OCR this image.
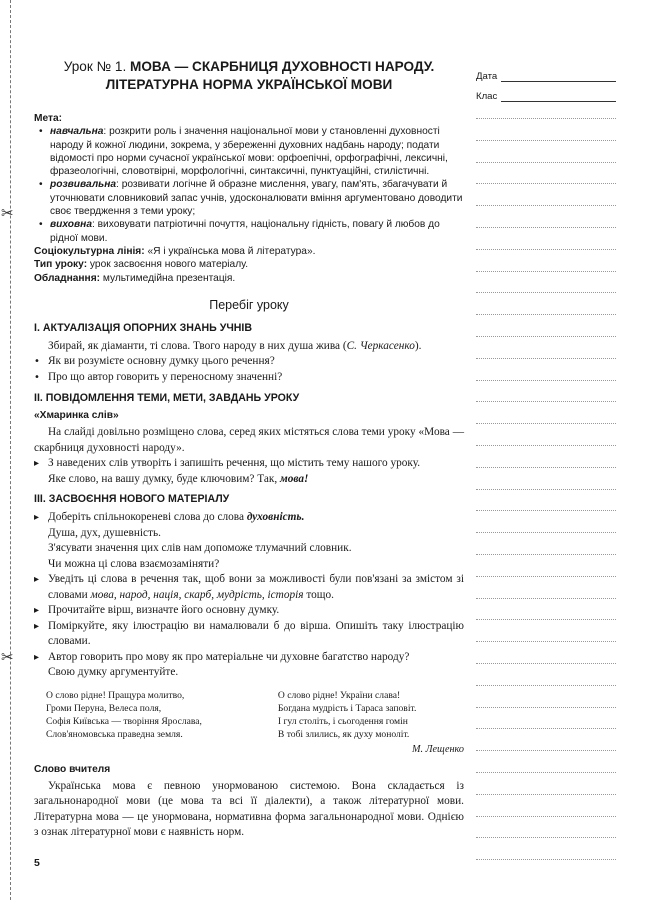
✂
✂
Дата
Клас
Урок № 1. МОВА — СКАРБНИЦЯ ДУХОВНОСТІ НАРОДУ.
ЛІТЕРАТУРНА НОРМА УКРАЇНСЬКОЇ МОВИ

Мета:

• навчальна: розкрити роль і значення національної мови у становленні духовності народу й кожної людини, зокрема, у збереженні духовних надбань народу; подати відомості про норми сучасної української мови: орфоепічні, орфографічні, лексичні, фразеологічні, словотвірні, морфологічні, синтаксичні, пунктуаційні, стилістичні.
• розвивальна: розвивати логічне й образне мислення, увагу, пам'ять, збагачувати й уточнювати словниковий запас учнів, удосконалювати вміння аргументовано доводити своє твердження з теми уроку;
• виховна: виховувати патріотичні почуття, національну гідність, повагу й любов до рідної мови.

Соціокультурна лінія: «Я і українська мова й література».

Тип уроку: урок засвоєння нового матеріалу.

Обладнання: мультимедійна презентація.

Перебіг уроку
І. АКТУАЛІЗАЦІЯ ОПОРНИХ ЗНАНЬ УЧНІВ

Збирай, як діаманти, ті слова. Твого народу в них душа жива (С. Черкасенко).

• Як ви розумієте основну думку цього речення?
• Про що автор говорить у переносному значенні?
ІІ. ПОВІДОМЛЕННЯ ТЕМИ, МЕТИ, ЗАВДАНЬ УРОКУ
«Хмаринка слів»

На слайді довільно розміщено слова, серед яких містяться слова теми уроку «Мова — скарбниця духовності народу».

▸ З наведених слів утворіть і запишіть речення, що містить тему нашого уроку.
Яке слово, на вашу думку, буде ключовим? Так, мова!
ІІІ. ЗАСВОЄННЯ НОВОГО МАТЕРІАЛУ
▸ Доберіть спільнокореневі слова до слова духовність.
Душа, дух, душевність.
З'ясувати значення цих слів нам допоможе тлумачний словник.
Чи можна ці слова взаємозаміняти?
▸ Уведіть ці слова в речення так, щоб вони за можливості були пов'язані за змістом зі словами мова, народ, нація, скарб, мудрість, історія тощо.
▸ Прочитайте вірш, визначте його основну думку.
▸ Поміркуйте, яку ілюстрацію ви намалювали б до вірша. Опишіть таку ілюстрацію словами.
▸ Автор говорить про мову як про матеріальне чи духовне багатство народу?
Свою думку аргументуйте.
О слово рідне! Пращура молитво,
Громи Перуна, Велеса поля,
Софія Київська — творіння Ярослава,
Слов'яномовська праведна земля.
О слово рідне! України слава!
Богдана мудрість і Тараса заповіт.
І гул століть, і сьогодення гомін
В тобі злились, як духу моноліт.
М. Лещенко
Слово вчителя

Українська мова є певною унормованою системою. Вона складається із загальнонародної мови (це мова та всі її діалекти), а також літературної мови. Літературна мова — це унормована, нормативна форма загальнонародної мови. Однією з ознак літературної мови є наявність норм.

5
